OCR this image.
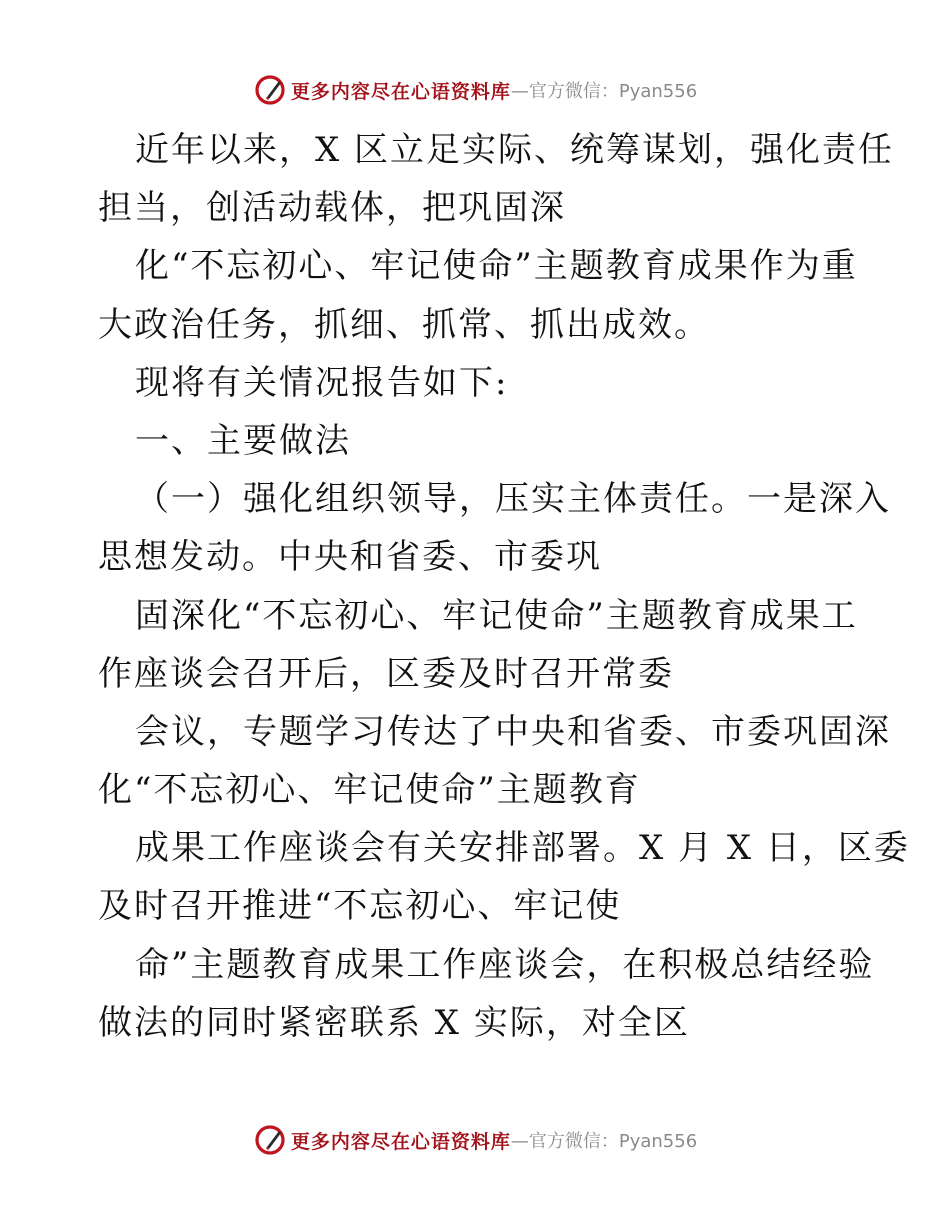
更多内容尽在心语资料库 —官方微信：Pyan556
近年以来，X 区立足实际、统筹谋划，强化责任
担当，创活动载体，把巩固深
化“不忘初心、牢记使命”主题教育成果作为重
大政治任务，抓细、抓常、抓出成效。
现将有关情况报告如下:
一、主要做法
（一）强化组织领导，压实主体责任。一是深入
思想发动。中央和省委、市委巩
固深化“不忘初心、牢记使命”主题教育成果工
作座谈会召开后，区委及时召开常委
会议，专题学习传达了中央和省委、市委巩固深
化“不忘初心、牢记使命”主题教育
成果工作座谈会有关安排部署。X 月 X 日，区委
及时召开推进“不忘初心、牢记使
命”主题教育成果工作座谈会，在积极总结经验
做法的同时紧密联系 X 实际，对全区
更多内容尽在心语资料库 —官方微信：Pyan556
